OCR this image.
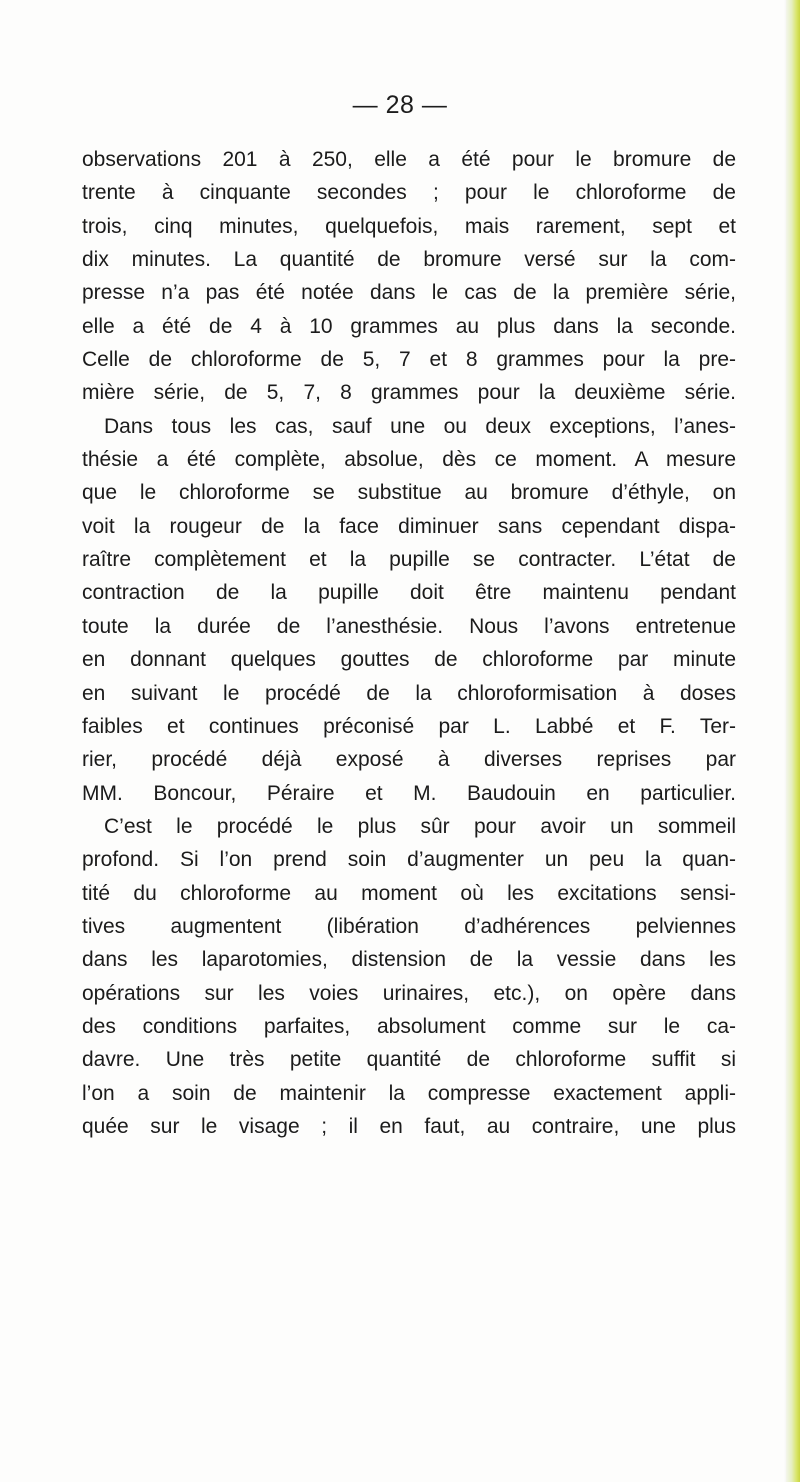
— 28 —
observations 201 à 250, elle a été pour le bromure de
trente à cinquante secondes ; pour le chloroforme de
trois, cinq minutes, quelquefois, mais rarement, sept et
dix minutes. La quantité de bromure versé sur la com-
presse n’a pas été notée dans le cas de la première série,
elle a été de 4 à 10 grammes au plus dans la seconde.
Celle de chloroforme de 5, 7 et 8 grammes pour la pre-
mière série, de 5, 7, 8 grammes pour la deuxième série.
Dans tous les cas, sauf une ou deux exceptions, l’anes-
thésie a été complète, absolue, dès ce moment. A mesure
que le chloroforme se substitue au bromure d’éthyle, on
voit la rougeur de la face diminuer sans cependant dispa-
raître complètement et la pupille se contracter. L’état de
contraction de la pupille doit être maintenu pendant
toute la durée de l’anesthésie. Nous l’avons entretenue
en donnant quelques gouttes de chloroforme par minute
en suivant le procédé de la chloroformisation à doses
faibles et continues préconisé par L. Labbé et F. Ter-
rier, procédé déjà exposé à diverses reprises par
MM. Boncour, Péraire et M. Baudouin en particulier.
C’est le procédé le plus sûr pour avoir un sommeil
profond. Si l’on prend soin d’augmenter un peu la quan-
tité du chloroforme au moment où les excitations sensi-
tives augmentent (libération d’adhérences pelviennes
dans les laparotomies, distension de la vessie dans les
opérations sur les voies urinaires, etc.), on opère dans
des conditions parfaites, absolument comme sur le ca-
davre. Une très petite quantité de chloroforme suffit si
l’on a soin de maintenir la compresse exactement appli-
quée sur le visage ; il en faut, au contraire, une plus
